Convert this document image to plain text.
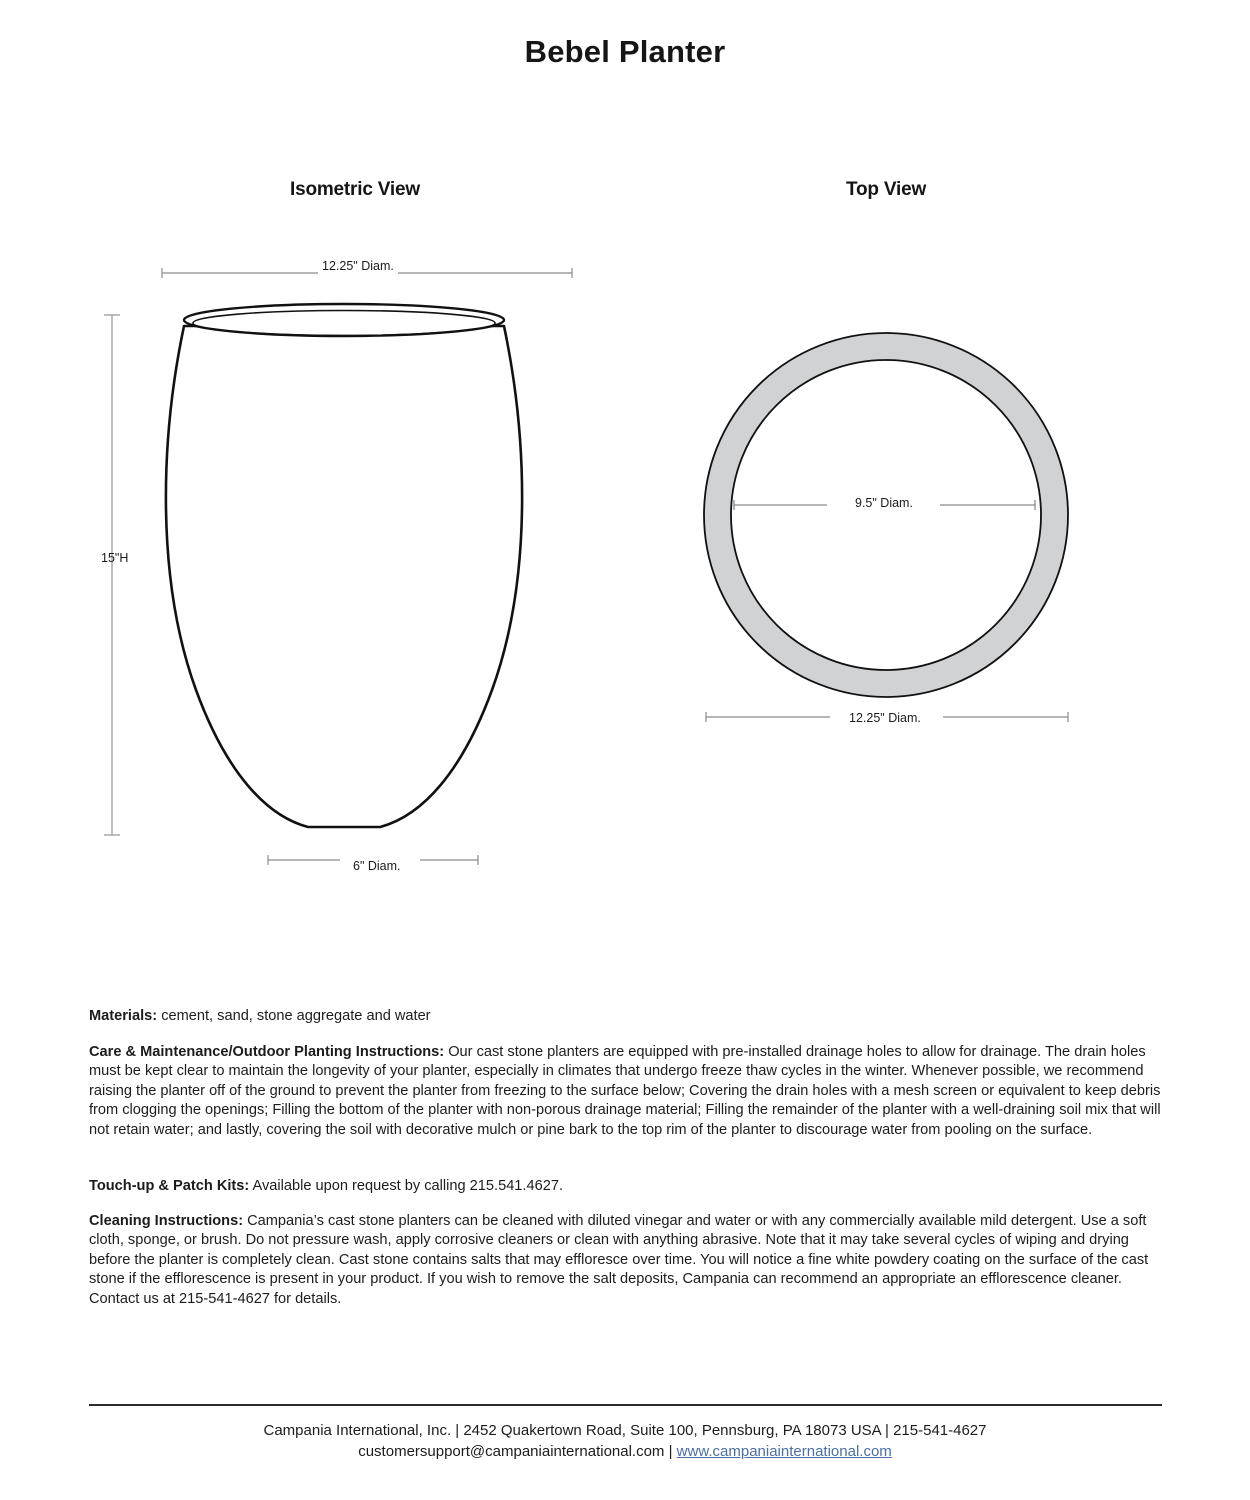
Bebel Planter
Isometric View	Top View
12.25" Diam.
15"H
6" Diam.
9.5" Diam.
12.25" Diam.
Materials: cement, sand, stone aggregate and water
Care & Maintenance/Outdoor Planting Instructions: Our cast stone planters are equipped with pre-installed drainage holes to allow for drainage. The drain holes must be kept clear to maintain the longevity of your planter, especially in climates that undergo freeze thaw cycles in the winter. Whenever possible, we recommend raising the planter off of the ground to prevent the planter from freezing to the surface below; Covering the drain holes with a mesh screen or equivalent to keep debris from clogging the openings; Filling the bottom of the planter with non-porous drainage material; Filling the remainder of the planter with a well-draining soil mix that will not retain water; and lastly, covering the soil with decorative mulch or pine bark to the top rim of the planter to discourage water from pooling on the surface.
Touch-up & Patch Kits: Available upon request by calling 215.541.4627.
Cleaning Instructions: Campania’s cast stone planters can be cleaned with diluted vinegar and water or with any commercially available mild detergent. Use a soft cloth, sponge, or brush. Do not pressure wash, apply corrosive cleaners or clean with anything abrasive. Note that it may take several cycles of wiping and drying before the planter is completely clean. Cast stone contains salts that may effloresce over time. You will notice a fine white powdery coating on the surface of the cast stone if the efflorescence is present in your product. If you wish to remove the salt deposits, Campania can recommend an appropriate an efflorescence cleaner. Contact us at 215-541-4627 for details.
Campania International, Inc. | 2452 Quakertown Road, Suite 100, Pennsburg, PA 18073 USA | 215-541-4627
customersupport@campaniainternational.com | www.campaniainternational.com
